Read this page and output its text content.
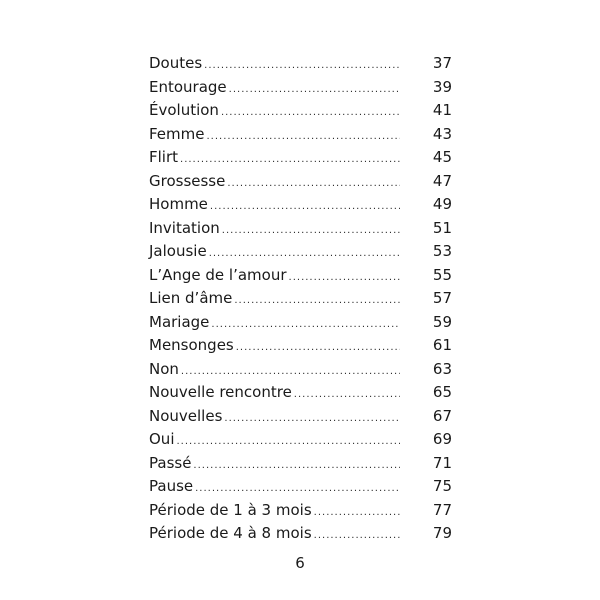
Doutes .....	37
Entourage .....	39
Évolution .....	41
Femme .....	43
Flirt .....	45
Grossesse .....	47
Homme .....	49
Invitation .....	51
Jalousie .....	53
L’Ange de l’amour .....	55
Lien d’âme .....	57
Mariage .....	59
Mensonges .....	61
Non .....	63
Nouvelle rencontre .....	65
Nouvelles .....	67
Oui .....	69
Passé .....	71
Pause .....	75
Période de 1 à 3 mois .....	77
Période de 4 à 8 mois .....	79
6
